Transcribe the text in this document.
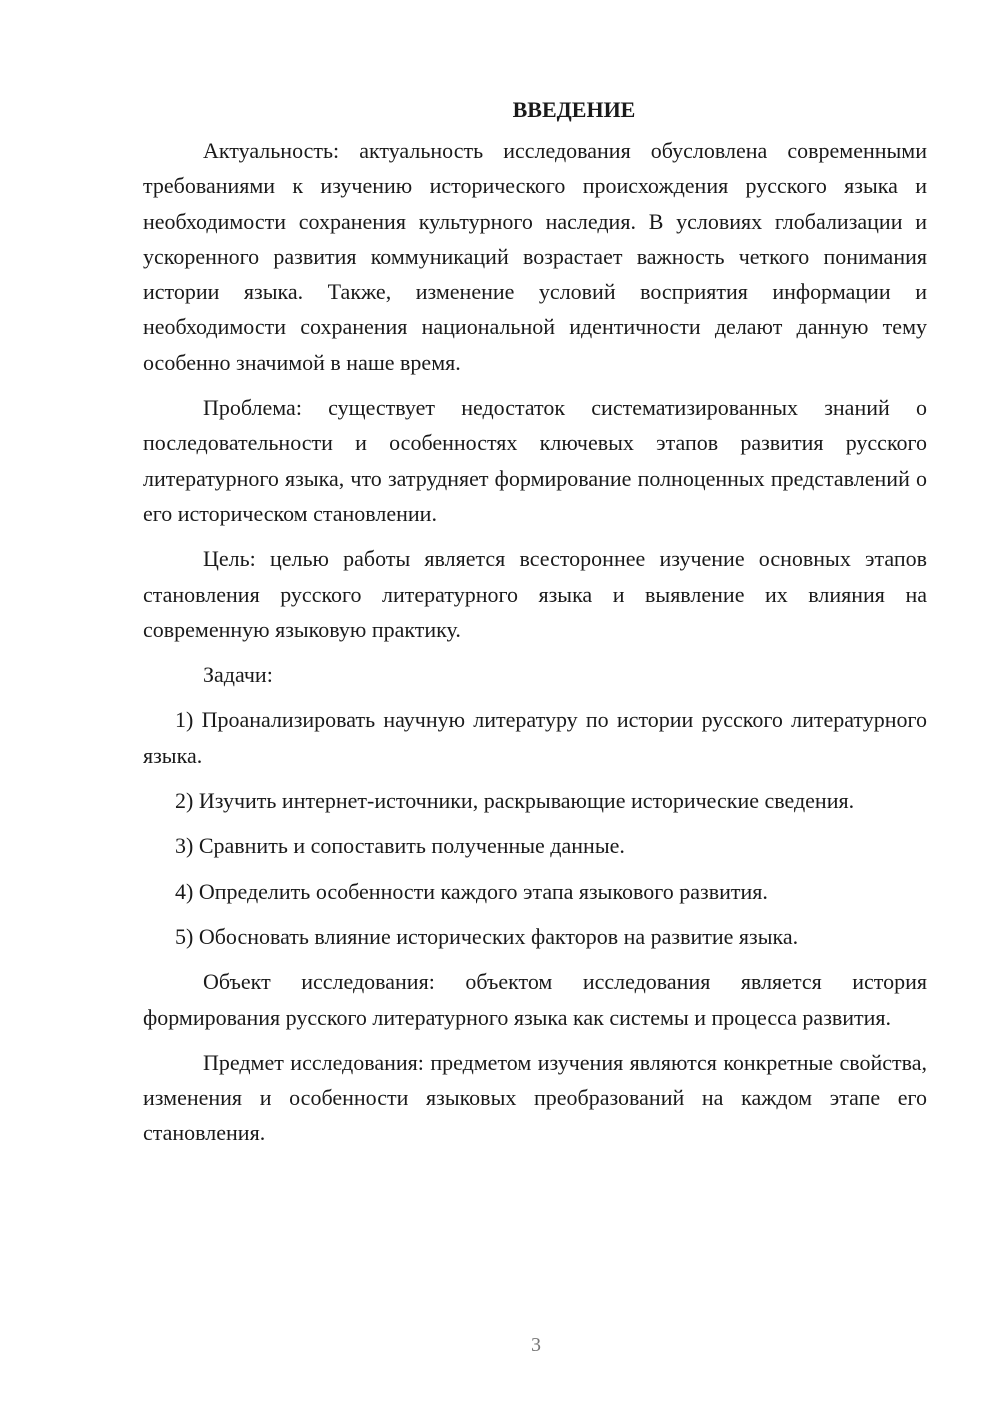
ВВЕДЕНИЕ

Актуальность: актуальность исследования обусловлена современными требованиями к изучению исторического происхождения русского языка и необходимости сохранения культурного наследия. В условиях глобализации и ускоренного развития коммуникаций возрастает важность четкого понимания истории языка. Также, изменение условий восприятия информации и необходимости сохранения национальной идентичности делают данную тему особенно значимой в наше время.

Проблема: существует недостаток систематизированных знаний о последовательности и особенностях ключевых этапов развития русского литературного языка, что затрудняет формирование полноценных представлений о его историческом становлении.

Цель: целью работы является всестороннее изучение основных этапов становления русского литературного языка и выявление их влияния на современную языковую практику.

Задачи:

1) Проанализировать научную литературу по истории русского литературного языка.

2) Изучить интернет-источники, раскрывающие исторические сведения.

3) Сравнить и сопоставить полученные данные.

4) Определить особенности каждого этапа языкового развития.

5) Обосновать влияние исторических факторов на развитие языка.

Объект исследования: объектом исследования является история формирования русского литературного языка как системы и процесса развития.

Предмет исследования: предметом изучения являются конкретные свойства, изменения и особенности языковых преобразований на каждом этапе его становления.

3
